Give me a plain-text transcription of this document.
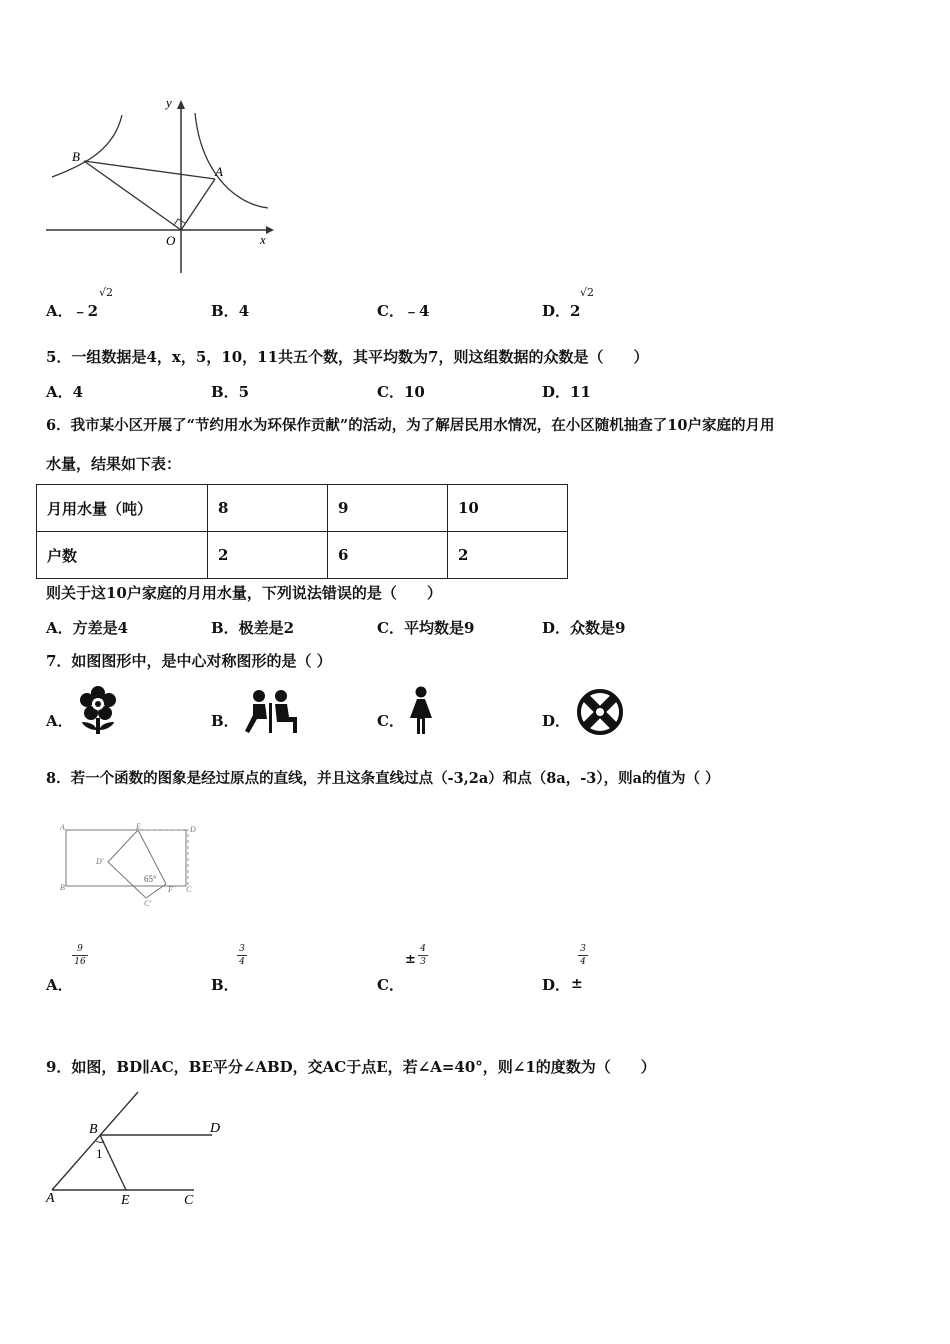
y
x
O
A
B
A．﹣2
√2
B．4	C．﹣4	D．2
√2
5．一组数据是4，x，5，10，11共五个数，其平均数为7，则这组数据的众数是（　　）
A．4	B．5	C．10	D．11
6．我市某小区开展了“节约用水为环保作贡献”的活动，为了解居民用水情况，在小区随机抽查了10户家庭的月用
水量，结果如下表：
月用水量（吨）	8	9	10
户数	2	6	2
则关于这10户家庭的月用水量，下列说法错误的是（　　）
A．方差是4	B．极差是2	C．平均数是9	D．众数是9
7．如图图形中，是中心对称图形的是（ ）
A．	B．	C．	D．
8．若一个函数的图象是经过原点的直线，并且这条直线过点（-3,2a）和点（8a，-3），则a的值为（ ）
A	E	D
D'
B
65°
F C
C'
A．
9
16
B．
3
4
C．
±
4
3
D． ±
3
4
9．如图，BD∥AC，BE平分∠ABD，交AC于点E，若∠A=40°，则∠1的度数为（　　）
B	D
1
A	E	C
